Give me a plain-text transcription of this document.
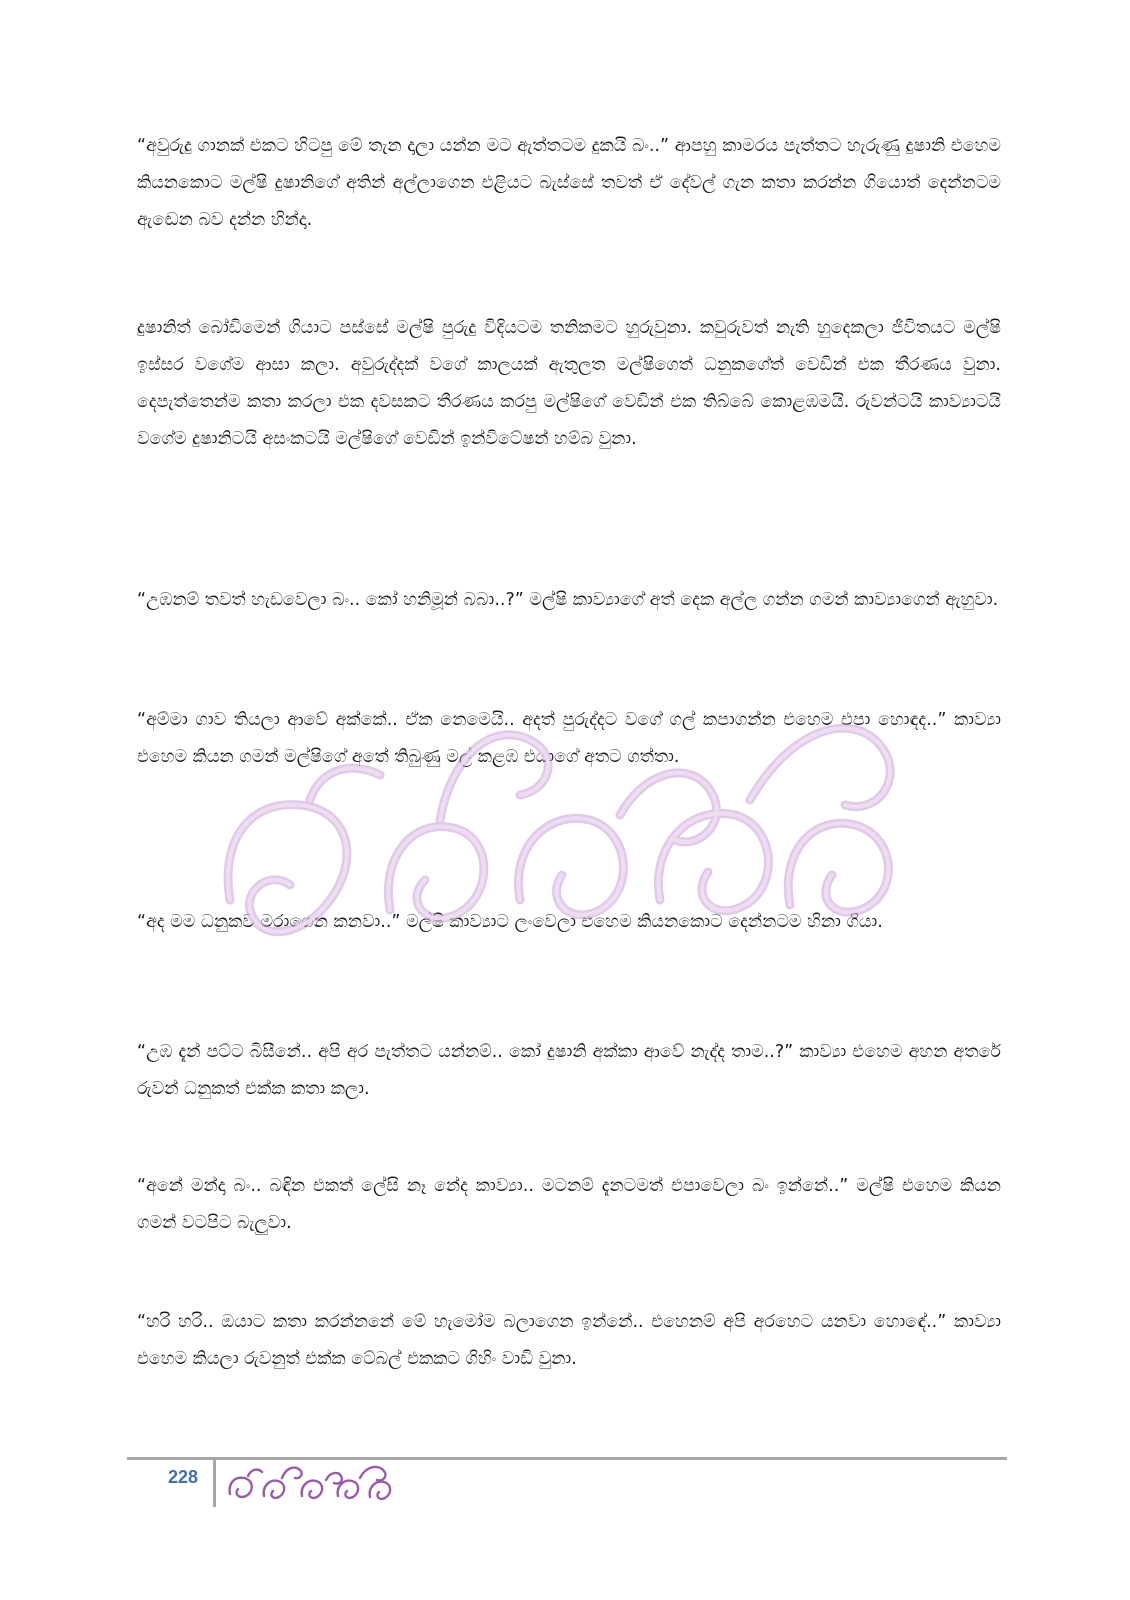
“අවුරුදු ගානක් එකට හිටපු මේ තැන දාලා යන්න මට ඇත්තටම දුකයි බං..” ආපහු කාමරය පැත්තට හැරුණු දුෂානි එහෙම කියනකොට මල්ෂි දුෂානිගේ අතින් අල්ලාගෙන එළියට බැස්සේ තවත් ඒ දේවල් ගැන කතා කරන්න ගියොත් දෙන්නටම ඇඬෙන බව දන්න හින්දා.

දුෂානිත් බෝඩිමෙන් ගියාට පස්සේ මල්ෂි පුරුදු විදියටම තනිකමට හුරුවුනා. කවුරුවත් නැති හුදෙකලා ජීවිතයට මල්ෂි ඉස්සර වගේම ආසා කලා. අවුරුද්දක් වගේ කාලයක් ඇතුලත මල්ෂිගෙත් ධනුකගේත් වෙඩින් එක තීරණය වුනා. දෙපැත්තෙන්ම කතා කරලා එක දවසකට තීරණය කරපු මල්ෂිගේ වෙඩින් එක තිබ්බේ කොළඹමයි. රුවන්ටයි කාව්‍යාටයි වගේම දුෂානිටයි අසංකටයි මල්ෂිගේ වෙඩින් ඉන්විටේෂන් හම්බ වුනා.

“උඹනම් තවත් හැඩවෙලා බං.. කෝ හනිමූන් බබා..?” මල්ෂි කාව්‍යාගේ අත් දෙක අල්ල ගන්න ගමන් කාව්‍යාගෙන් ඇහුවා.

“අම්මා ගාව තියලා ආවේ අක්කේ.. ඒක නෙමෙයි.. අදත් පුරුද්දට වගේ ගල් කපාගන්න එහෙම එපා හොඳද..” කාව්‍යා එහෙම කියන ගමන් මල්ෂිගේ අතේ තිබුණු මල් කළඹ එයාගේ අතට ගත්තා.

“අද මම ධනුකව මරාගෙන කනවා..” මල්ෂි කාව්‍යාට ලංවෙලා එහෙම කියනකොට දෙන්නටම හිනා ගියා.

“උඹ දැන් පට්ට බිසීනේ.. අපි අර පැත්තට යන්නම්.. කෝ දුෂානි අක්කා ආවේ නැද්ද තාම..?” කාව්‍යා එහෙම අහන අතරේ රුවන් ධනුකත් එක්ක කතා කලා.

“අනේ මන්දා බං.. බඳින එකත් ලේසි නෑ නේද කාව්‍යා.. මටනම් දැනටමත් එපාවෙලා බං ඉන්නේ..” මල්ෂි එහෙම කියන ගමන් වටපිට බැලුවා.

“හරි හරි.. ඔයාට කතා කරන්නනේ මේ හැමෝම බලාගෙන ඉන්නේ.. එහෙනම් අපි අරහෙට යනවා හොඳේ..” කාව්‍යා එහෙම කියලා රුවනුත් එක්ක ටේබල් එකකට ගිහිං වාඩි වුනා.

228
